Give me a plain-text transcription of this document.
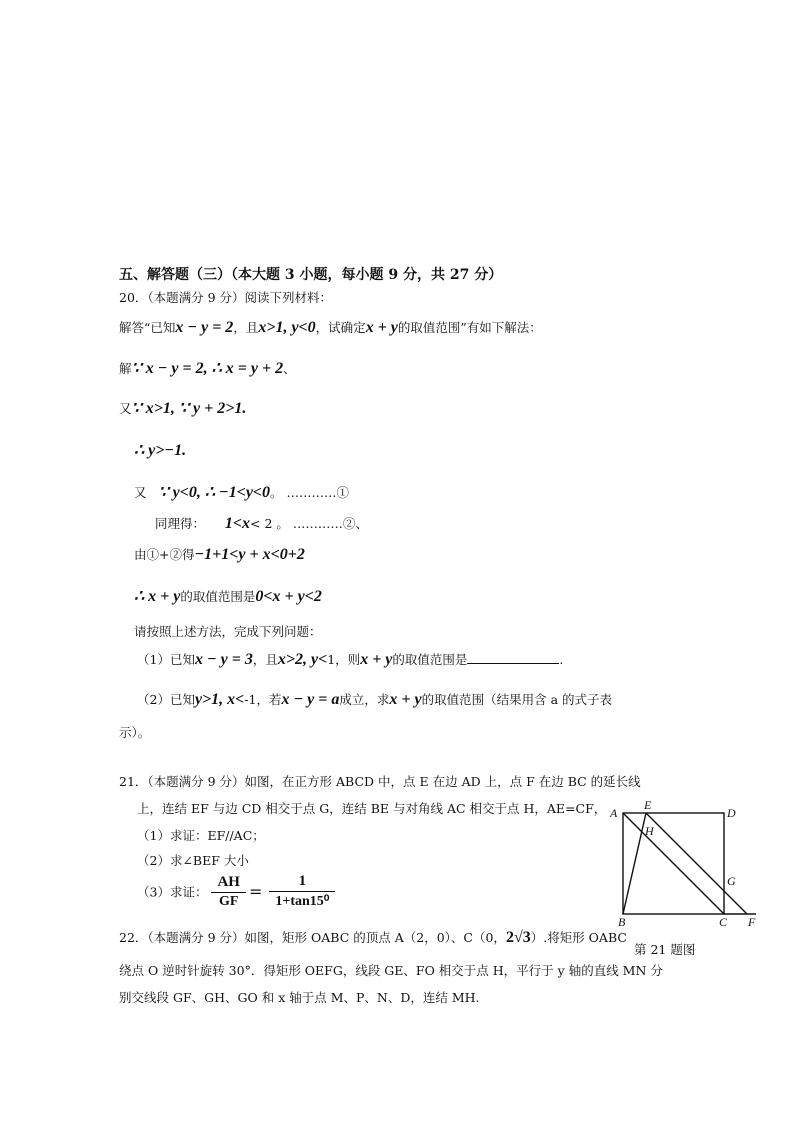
五、解答题（三）（本大题 3 小题，每小题 9 分，共 27 分）
20．（本题满分 9 分）阅读下列材料：
解答“已知x − y = 2，且x>1, y<0，试确定x + y的取值范围”有如下解法：
解∵ x − y = 2, ∴ x = y + 2、
又∵ x>1, ∵ y + 2>1.
∴ y>−1.
又 ∵ y<0, ∴ −1<y<0。 …………①
同理得： 1<x< 2 。 …………②、
由①+②得−1+1<y + x<0+2
∴ x + y的取值范围是0<x + y<2
请按照上述方法，完成下列问题：
（1）已知x − y = 3，且x>2, y<1，则x + y的取值范围是	.
（2）已知y>1, x<-1，若x − y = a成立，求x + y的取值范围（结果用含 a 的式子表
示）。
21．（本题满分 9 分）如图，在正方形 ABCD 中，点 E 在边 AD 上，点 F 在边 BC 的延长线
上，连结 EF 与边 CD 相交于点 G，连结 BE 与对角线 AC 相交于点 H，AE=CF，
（1）求证：EF//AC；
（2）求∠BEF 大小
（3）求证： $\frac{AH}{GF} = \frac{1}{\text{1+tan15⁰}}$
A
E
D
H
G
B	C F
第 21 题图
22．（本题满分 9 分）如图，矩形 OABC 的顶点 A（2，0）、C（0，2√3）.将矩形 OABC
绕点 O 逆时针旋转 30°．得矩形 OEFG，线段 GE、FO 相交于点 H，平行于 y 轴的直线 MN 分
别交线段 GF、GH、GO 和 x 轴于点 M、P、N、D，连结 MH.
